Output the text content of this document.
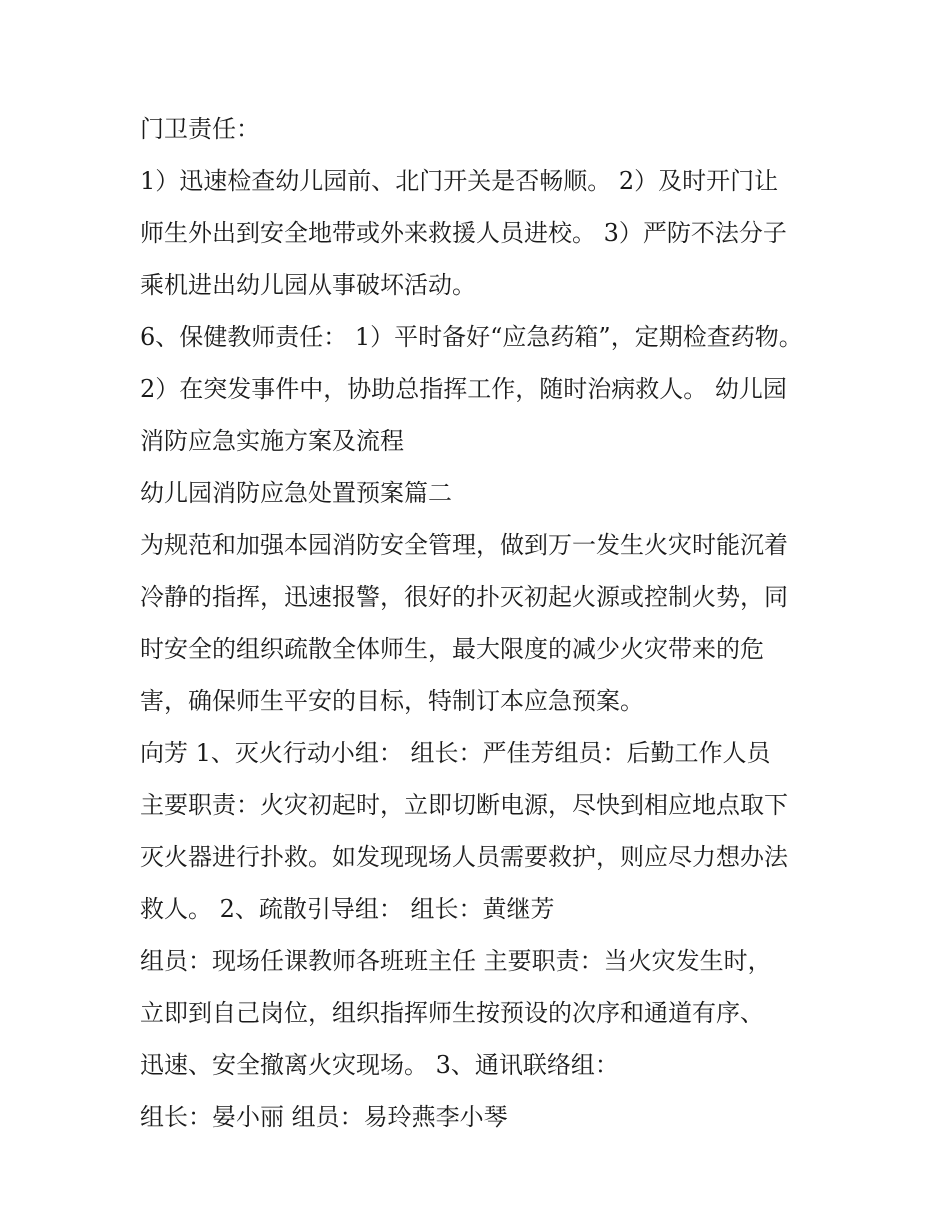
门卫责任：
1）迅速检查幼儿园前、北门开关是否畅顺。 2）及时开门让
师生外出到安全地带或外来救援人员进校。 3）严防不法分子
乘机进出幼儿园从事破坏活动。
6、保健教师责任： 1）平时备好“应急药箱”，定期检查药物。
2）在突发事件中，协助总指挥工作，随时治病救人。 幼儿园
消防应急实施方案及流程
幼儿园消防应急处置预案篇二
为规范和加强本园消防安全管理，做到万一发生火灾时能沉着
冷静的指挥，迅速报警，很好的扑灭初起火源或控制火势，同
时安全的组织疏散全体师生，最大限度的减少火灾带来的危
害，确保师生平安的目标，特制订本应急预案。
向芳 1、灭火行动小组： 组长：严佳芳组员：后勤工作人员
主要职责：火灾初起时，立即切断电源，尽快到相应地点取下
灭火器进行扑救。如发现现场人员需要救护，则应尽力想办法
救人。 2、疏散引导组： 组长：黄继芳
组员：现场任课教师各班班主任 主要职责：当火灾发生时，
立即到自己岗位，组织指挥师生按预设的次序和通道有序、
迅速、安全撤离火灾现场。 3、通讯联络组：
组长：晏小丽 组员：易玲燕李小琴
